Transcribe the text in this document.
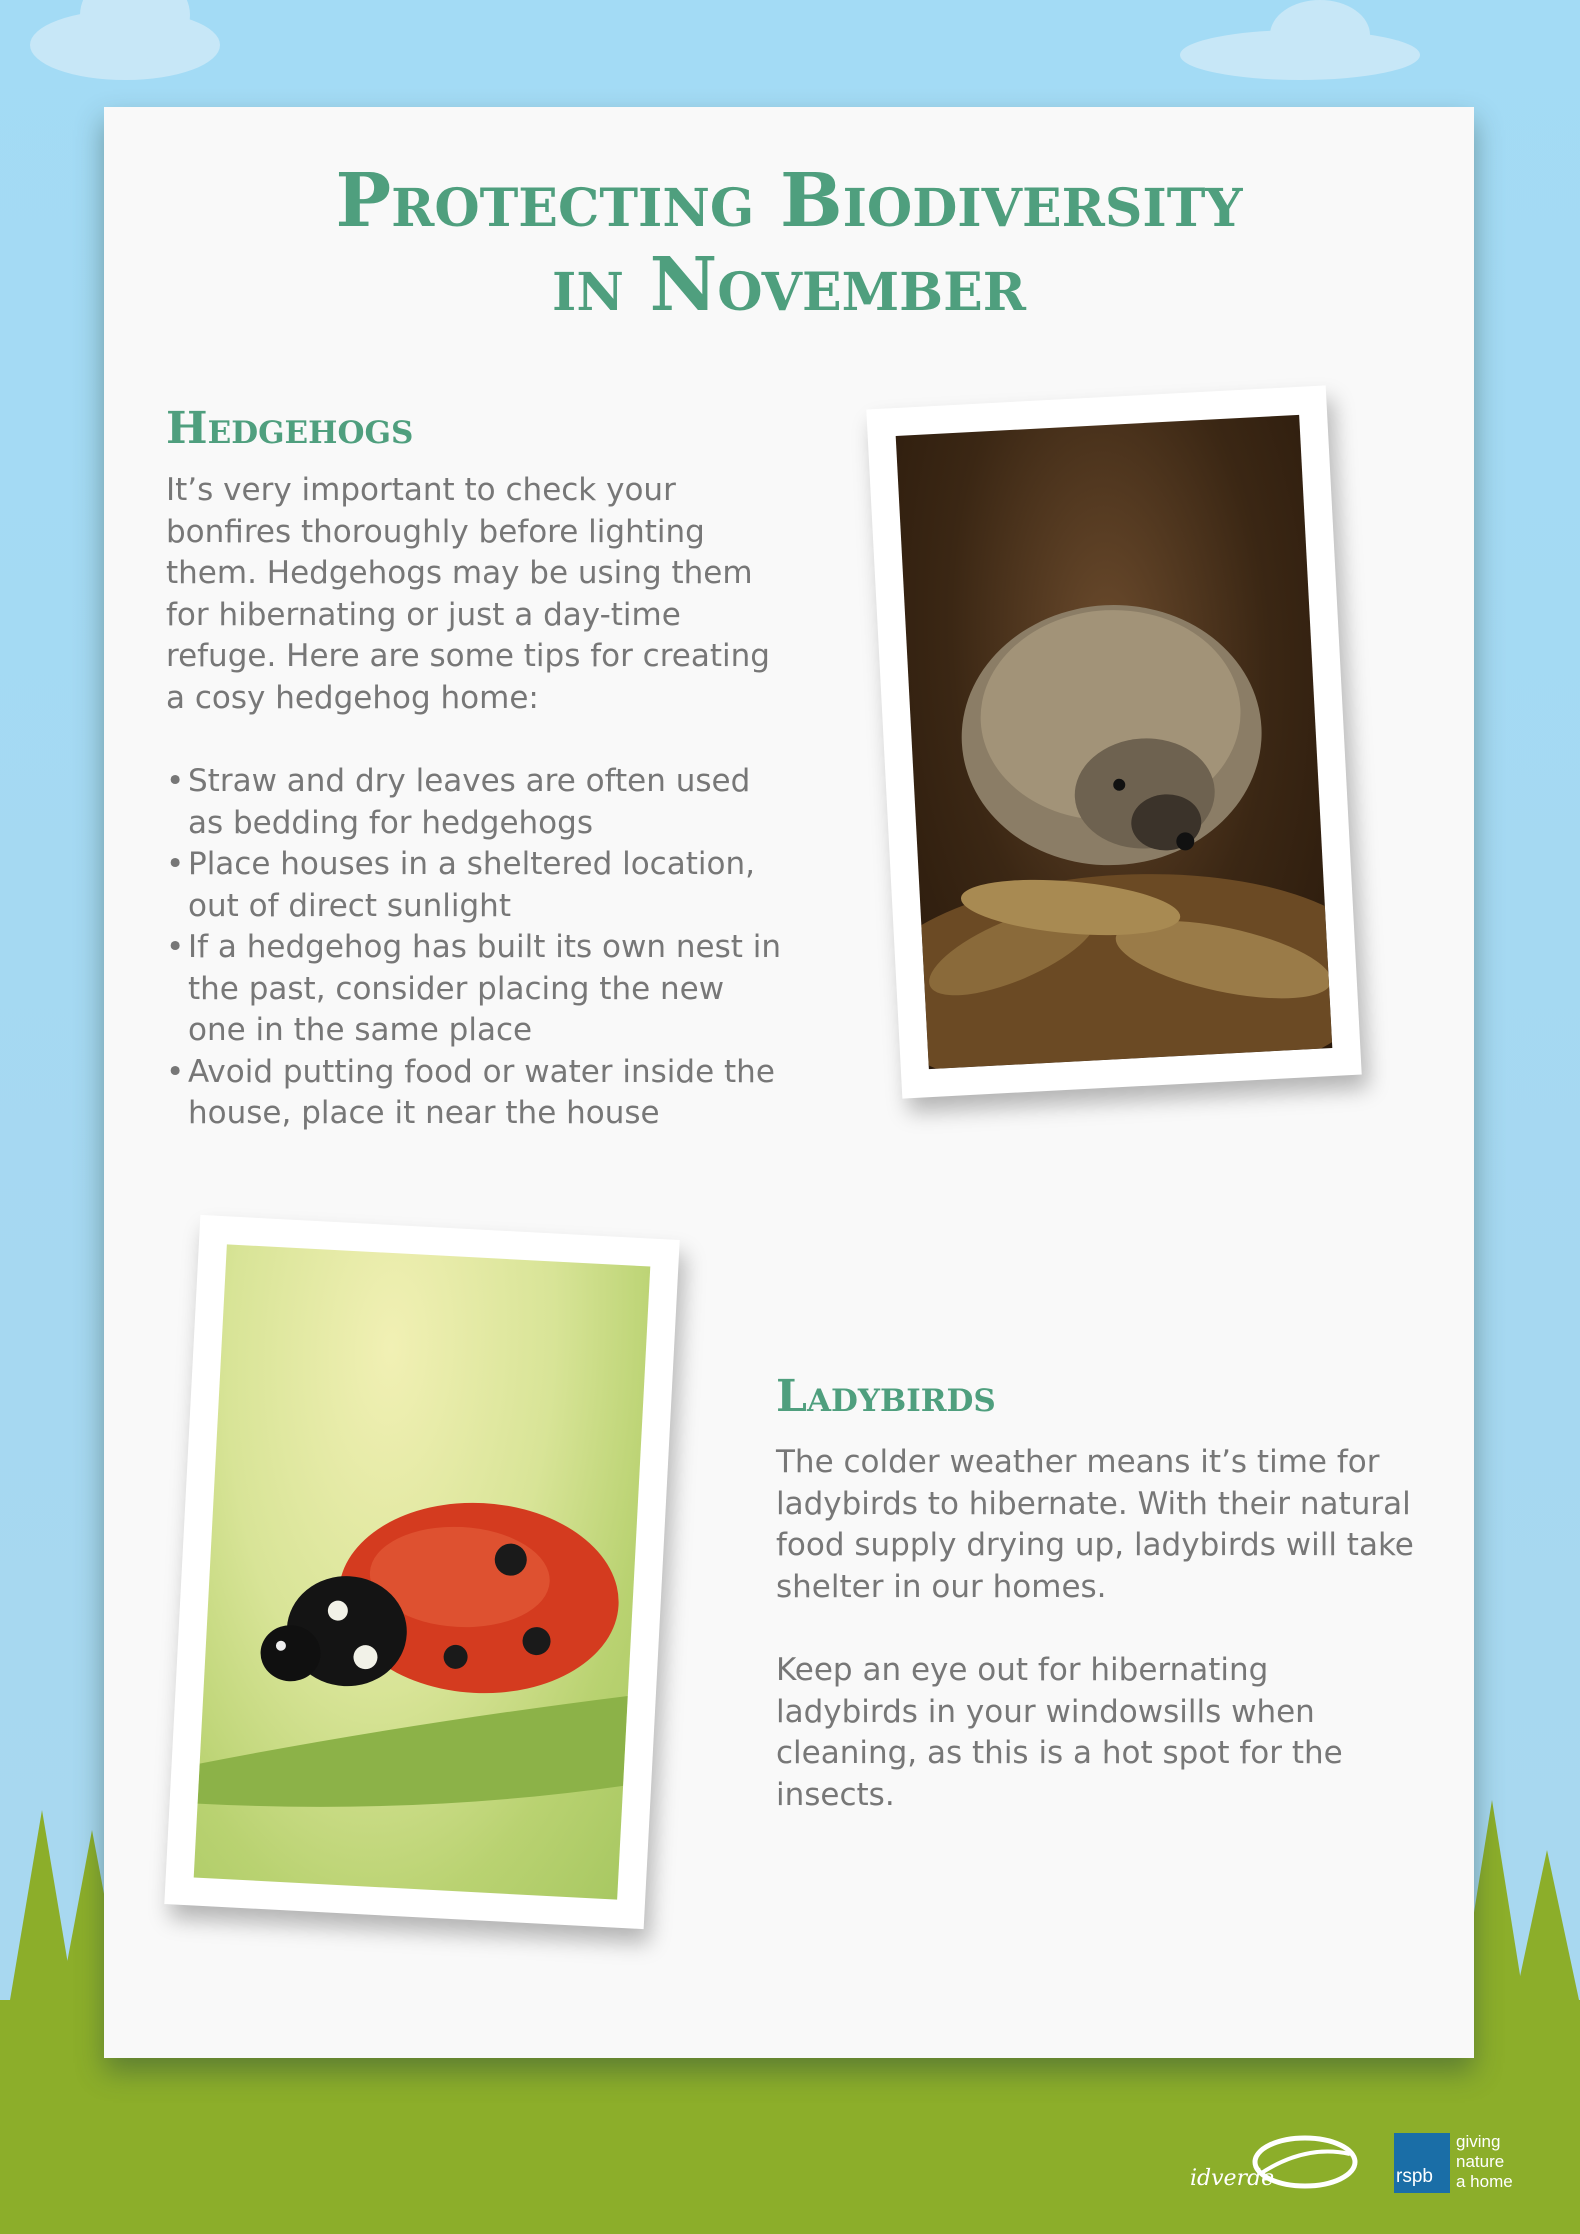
Protecting Biodiversity
in November
Hedgehogs

It’s very important to check your bonfires thoroughly before lighting them. Hedgehogs may be using them for hibernating or just a day-time refuge. Here are some tips for creating a cosy hedgehog home:

• Straw and dry leaves are often used as bedding for hedgehogs
• Place houses in a sheltered location, out of direct sunlight
• If a hedgehog has built its own nest in the past, consider placing the new one in the same place
• Avoid putting food or water inside the house, place it near the house
Ladybirds

The colder weather means it’s time for ladybirds to hibernate. With their natural food supply drying up, ladybirds will take shelter in our homes.

Keep an eye out for hibernating ladybirds in your windowsills when cleaning, as this is a hot spot for the insects.

idverde	rspb
giving
nature
a home
